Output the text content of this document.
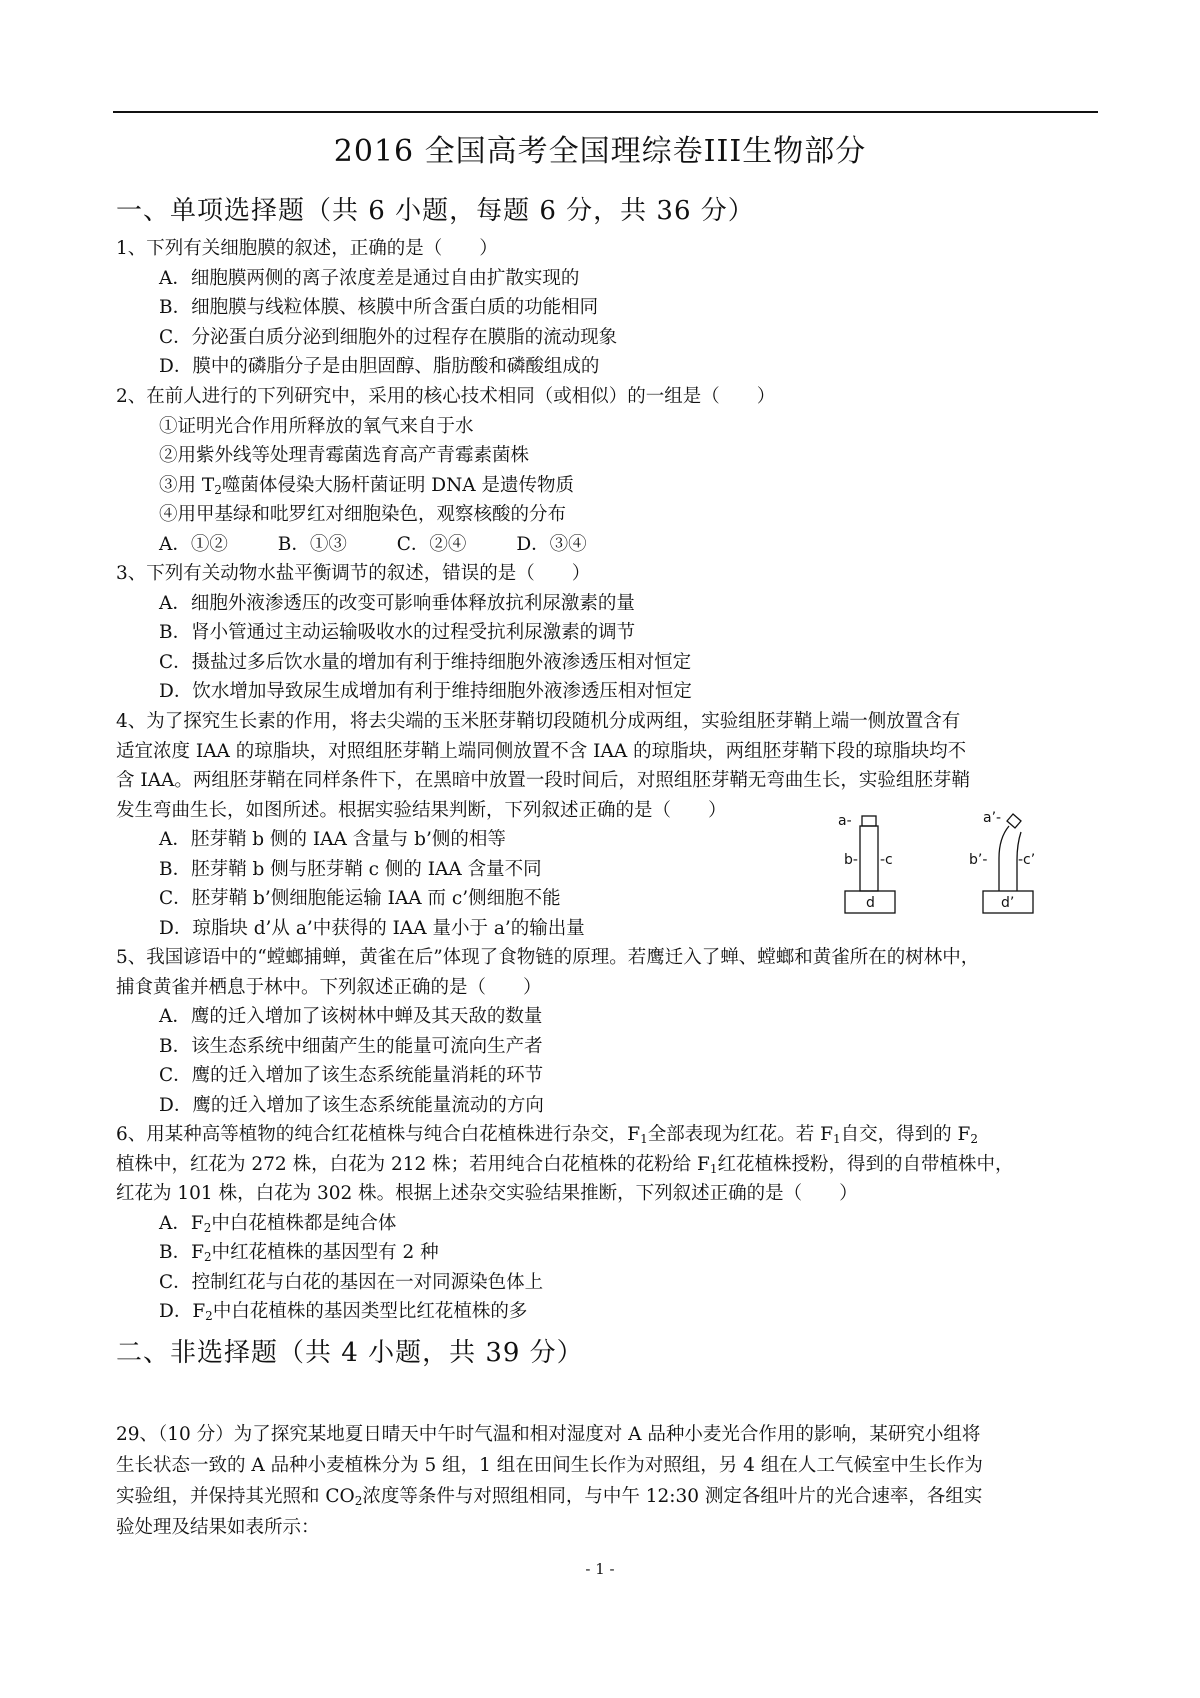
2016 全国高考全国理综卷III生物部分
一、单项选择题（共 6 小题，每题 6 分，共 36 分）
1、下列有关细胞膜的叙述，正确的是（　　）
A．细胞膜两侧的离子浓度差是通过自由扩散实现的
B．细胞膜与线粒体膜、核膜中所含蛋白质的功能相同
C．分泌蛋白质分泌到细胞外的过程存在膜脂的流动现象
D．膜中的磷脂分子是由胆固醇、脂肪酸和磷酸组成的
2、在前人进行的下列研究中，采用的核心技术相同（或相似）的一组是（　　）
①证明光合作用所释放的氧气来自于水
②用紫外线等处理青霉菌选育高产青霉素菌株
③用 $T_2$噬菌体侵染大肠杆菌证明 DNA 是遗传物质
④用甲基绿和吡罗红对细胞染色，观察核酸的分布
A．①②	B．①③	C．②④	D．③④
3、下列有关动物水盐平衡调节的叙述，错误的是（　　）
A．细胞外液渗透压的改变可影响垂体释放抗利尿激素的量
B．肾小管通过主动运输吸收水的过程受抗利尿激素的调节
C．摄盐过多后饮水量的增加有利于维持细胞外液渗透压相对恒定
D．饮水增加导致尿生成增加有利于维持细胞外液渗透压相对恒定
4、为了探究生长素的作用，将去尖端的玉米胚芽鞘切段随机分成两组，实验组胚芽鞘上端一侧放置含有
适宜浓度 IAA 的琼脂块，对照组胚芽鞘上端同侧放置不含 IAA 的琼脂块，两组胚芽鞘下段的琼脂块均不
含 IAA。两组胚芽鞘在同样条件下，在黑暗中放置一段时间后，对照组胚芽鞘无弯曲生长，实验组胚芽鞘
发生弯曲生长，如图所述。根据实验结果判断，下列叙述正确的是（　　）
A．胚芽鞘 b 侧的 IAA 含量与 b’侧的相等
B．胚芽鞘 b 侧与胚芽鞘 c 侧的 IAA 含量不同
C．胚芽鞘 b’侧细胞能运输 IAA 而 c’侧细胞不能
D．琼脂块 d’从 a’中获得的 IAA 量小于 a’的输出量
a-
b- -c
d
a’-
b’- -c’
d’
5、我国谚语中的“螳螂捕蝉，黄雀在后”体现了食物链的原理。若鹰迁入了蝉、螳螂和黄雀所在的树林中，
捕食黄雀并栖息于林中。下列叙述正确的是（　　）
A．鹰的迁入增加了该树林中蝉及其天敌的数量
B．该生态系统中细菌产生的能量可流向生产者
C．鹰的迁入增加了该生态系统能量消耗的环节
D．鹰的迁入增加了该生态系统能量流动的方向
6、用某种高等植物的纯合红花植株与纯合白花植株进行杂交，$F_1$全部表现为红花。若 $F_1$自交，得到的 $F_2$
植株中，红花为 272 株，白花为 212 株；若用纯合白花植株的花粉给 $F_1$红花植株授粉，得到的自带植株中，
红花为 101 株，白花为 302 株。根据上述杂交实验结果推断，下列叙述正确的是（　　）
A．$F_2$中白花植株都是纯合体
B．$F_2$中红花植株的基因型有 2 种
C．控制红花与白花的基因在一对同源染色体上
D．$F_2$中白花植株的基因类型比红花植株的多
二、非选择题（共 4 小题，共 39 分）
29、（10 分）为了探究某地夏日晴天中午时气温和相对湿度对 A 品种小麦光合作用的影响，某研究小组将
生长状态一致的 A 品种小麦植株分为 5 组，1 组在田间生长作为对照组，另 4 组在人工气候室中生长作为
实验组，并保持其光照和 $CO_2$浓度等条件与对照组相同，与中午 12:30 测定各组叶片的光合速率，各组实
验处理及结果如表所示：
- 1 -
